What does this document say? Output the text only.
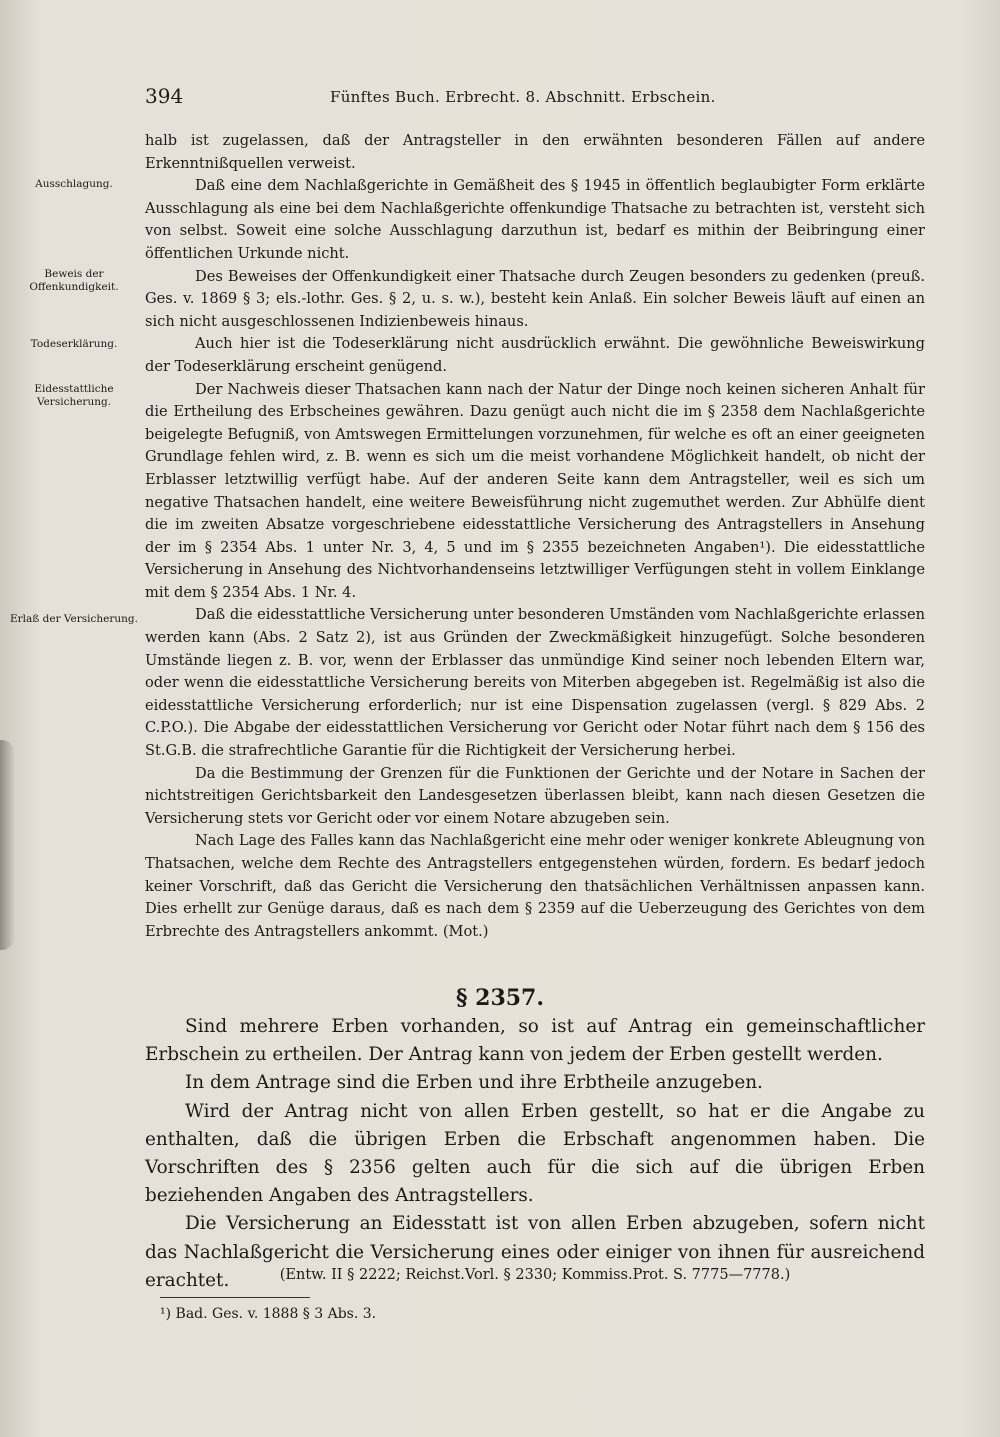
394	Fünftes Buch. Erbrecht. 8. Abschnitt. Erbschein.
Ausschlagung.
Beweis der Offenkundigkeit.
Todeserklärung.
Eidesstattliche Versicherung.
Erlaß der Versicherung.

halb ist zugelassen, daß der Antragsteller in den erwähnten besonderen Fällen auf andere Erkenntnißquellen verweist.

Daß eine dem Nachlaßgerichte in Gemäßheit des § 1945 in öffentlich beglaubigter Form erklärte Ausschlagung als eine bei dem Nachlaßgerichte offenkundige Thatsache zu betrachten ist, versteht sich von selbst. Soweit eine solche Ausschlagung darzuthun ist, bedarf es mithin der Beibringung einer öffentlichen Urkunde nicht.

Des Beweises der Offenkundigkeit einer Thatsache durch Zeugen besonders zu gedenken (preuß. Ges. v. 1869 § 3; els.-lothr. Ges. § 2, u. s. w.), besteht kein Anlaß. Ein solcher Beweis läuft auf einen an sich nicht ausgeschlossenen Indizienbeweis hinaus.

Auch hier ist die Todeserklärung nicht ausdrücklich erwähnt. Die gewöhnliche Beweiswirkung der Todeserklärung erscheint genügend.

Der Nachweis dieser Thatsachen kann nach der Natur der Dinge noch keinen sicheren Anhalt für die Ertheilung des Erbscheines gewähren. Dazu genügt auch nicht die im § 2358 dem Nachlaßgerichte beigelegte Befugniß, von Amtswegen Ermittelungen vorzunehmen, für welche es oft an einer geeigneten Grundlage fehlen wird, z. B. wenn es sich um die meist vorhandene Möglichkeit handelt, ob nicht der Erblasser letztwillig verfügt habe. Auf der anderen Seite kann dem Antragsteller, weil es sich um negative Thatsachen handelt, eine weitere Beweisführung nicht zugemuthet werden. Zur Abhülfe dient die im zweiten Absatze vorgeschriebene eidesstattliche Versicherung des Antragstellers in Ansehung der im § 2354 Abs. 1 unter Nr. 3, 4, 5 und im § 2355 bezeichneten Angaben¹). Die eidesstattliche Versicherung in Ansehung des Nichtvorhandenseins letztwilliger Verfügungen steht in vollem Einklange mit dem § 2354 Abs. 1 Nr. 4.

Daß die eidesstattliche Versicherung unter besonderen Umständen vom Nachlaßgerichte erlassen werden kann (Abs. 2 Satz 2), ist aus Gründen der Zweckmäßigkeit hinzugefügt. Solche besonderen Umstände liegen z. B. vor, wenn der Erblasser das unmündige Kind seiner noch lebenden Eltern war, oder wenn die eidesstattliche Versicherung bereits von Miterben abgegeben ist. Regelmäßig ist also die eidesstattliche Versicherung erforderlich; nur ist eine Dispensation zugelassen (vergl. § 829 Abs. 2 C.P.O.). Die Abgabe der eidesstattlichen Versicherung vor Gericht oder Notar führt nach dem § 156 des St.G.B. die strafrechtliche Garantie für die Richtigkeit der Versicherung herbei.

Da die Bestimmung der Grenzen für die Funktionen der Gerichte und der Notare in Sachen der nichtstreitigen Gerichtsbarkeit den Landesgesetzen überlassen bleibt, kann nach diesen Gesetzen die Versicherung stets vor Gericht oder vor einem Notare abzugeben sein.

Nach Lage des Falles kann das Nachlaßgericht eine mehr oder weniger konkrete Ableugnung von Thatsachen, welche dem Rechte des Antragstellers entgegenstehen würden, fordern. Es bedarf jedoch keiner Vorschrift, daß das Gericht die Versicherung den thatsächlichen Verhältnissen anpassen kann. Dies erhellt zur Genüge daraus, daß es nach dem § 2359 auf die Ueberzeugung des Gerichtes von dem Erbrechte des Antragstellers ankommt. (Mot.)

§ 2357.

Sind mehrere Erben vorhanden, so ist auf Antrag ein gemeinschaftlicher Erbschein zu ertheilen. Der Antrag kann von jedem der Erben gestellt werden.

In dem Antrage sind die Erben und ihre Erbtheile anzugeben.

Wird der Antrag nicht von allen Erben gestellt, so hat er die Angabe zu enthalten, daß die übrigen Erben die Erbschaft angenommen haben. Die Vorschriften des § 2356 gelten auch für die sich auf die übrigen Erben beziehenden Angaben des Antragstellers.

Die Versicherung an Eidesstatt ist von allen Erben abzugeben, sofern nicht das Nachlaßgericht die Versicherung eines oder einiger von ihnen für ausreichend erachtet.	(Entw. II § 2222; Reichst.Vorl. § 2330; Kommiss.Prot. S. 7775—7778.)
¹) Bad. Ges. v. 1888 § 3 Abs. 3.
